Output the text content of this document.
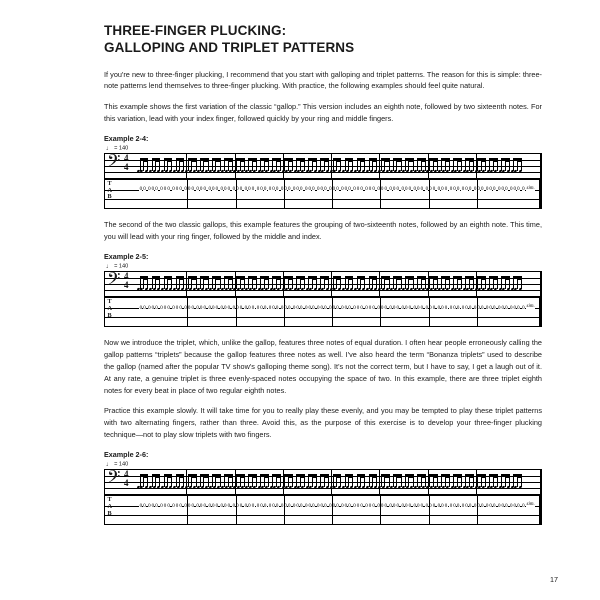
THREE-FINGER PLUCKING:
GALLOPING AND TRIPLET PATTERNS

If you're new to three-finger plucking, I recommend that you start with galloping and triplet patterns. The reason for this is simple: three-note patterns lend themselves to three-finger plucking. With practice, the following examples should feel quite natural.

This example shows the first variation of the classic “gallop.” This version includes an eighth note, followed by two sixteenth notes. For this variation, lead with your index finger, followed quickly by your ring and middle fingers.

Example 2-4:
♩ = 140
𝄢 4
4
T
A
B
0 0 0 0 0 0 0 0 0 0 0 0 0 0 0 0 0 0 0 0 0 0 0 0 0 0 0 0 0 0 0 0 0 0 0 0 0 0 0 0 0 0 0 0 0 0 0 0 0 0 0 0 0 0 0 0 0 0 0 0 0 0 0 0 0 0 0 0 0 0 0 0 0 0 0 0 0 0 0 0 0 0 0 0 0 0 0 0 0 0 0 0 0 0 0 0 sim.

The second of the two classic gallops, this example features the grouping of two-sixteenth notes, followed by an eighth note. This time, you will lead with your ring finger, followed by the middle and index.

Example 2-5:
♩ = 140
𝄢 4
4
T
A
B
0 0 0 0 0 0 0 0 0 0 0 0 0 0 0 0 0 0 0 0 0 0 0 0 0 0 0 0 0 0 0 0 0 0 0 0 0 0 0 0 0 0 0 0 0 0 0 0 0 0 0 0 0 0 0 0 0 0 0 0 0 0 0 0 0 0 0 0 0 0 0 0 0 0 0 0 0 0 0 0 0 0 0 0 0 0 0 0 0 0 0 0 0 0 0 0 sim.

Now we introduce the triplet, which, unlike the gallop, features three notes of equal duration. I often hear people erroneously calling the gallop patterns “triplets” because the gallop features three notes as well. I've also heard the term “Bonanza triplets” used to describe the gallop (named after the popular TV show's galloping theme song). It's not the correct term, but I have to say, I get a laugh out of it. At any rate, a genuine triplet is three evenly-spaced notes occupying the space of two. In this example, there are three triplet eighth notes for every beat in place of two regular eighth notes.

Practice this example slowly. It will take time for you to really play these evenly, and you may be tempted to play these triplet patterns with two alternating fingers, rather than three. Avoid this, as the purpose of this exercise is to develop your three-finger plucking technique—not to play slow triplets with two fingers.

Example 2-6:
♩ = 140
𝄢 4
4
T
A
B
0 0 0 0 0 0 0 0 0 0 0 0 0 0 0 0 0 0 0 0 0 0 0 0 0 0 0 0 0 0 0 0 0 0 0 0 0 0 0 0 0 0 0 0 0 0 0 0 0 0 0 0 0 0 0 0 0 0 0 0 0 0 0 0 0 0 0 0 0 0 0 0 0 0 0 0 0 0 0 0 0 0 0 0 0 0 0 0 0 0 0 0 0 0 0 0 sim.
17
